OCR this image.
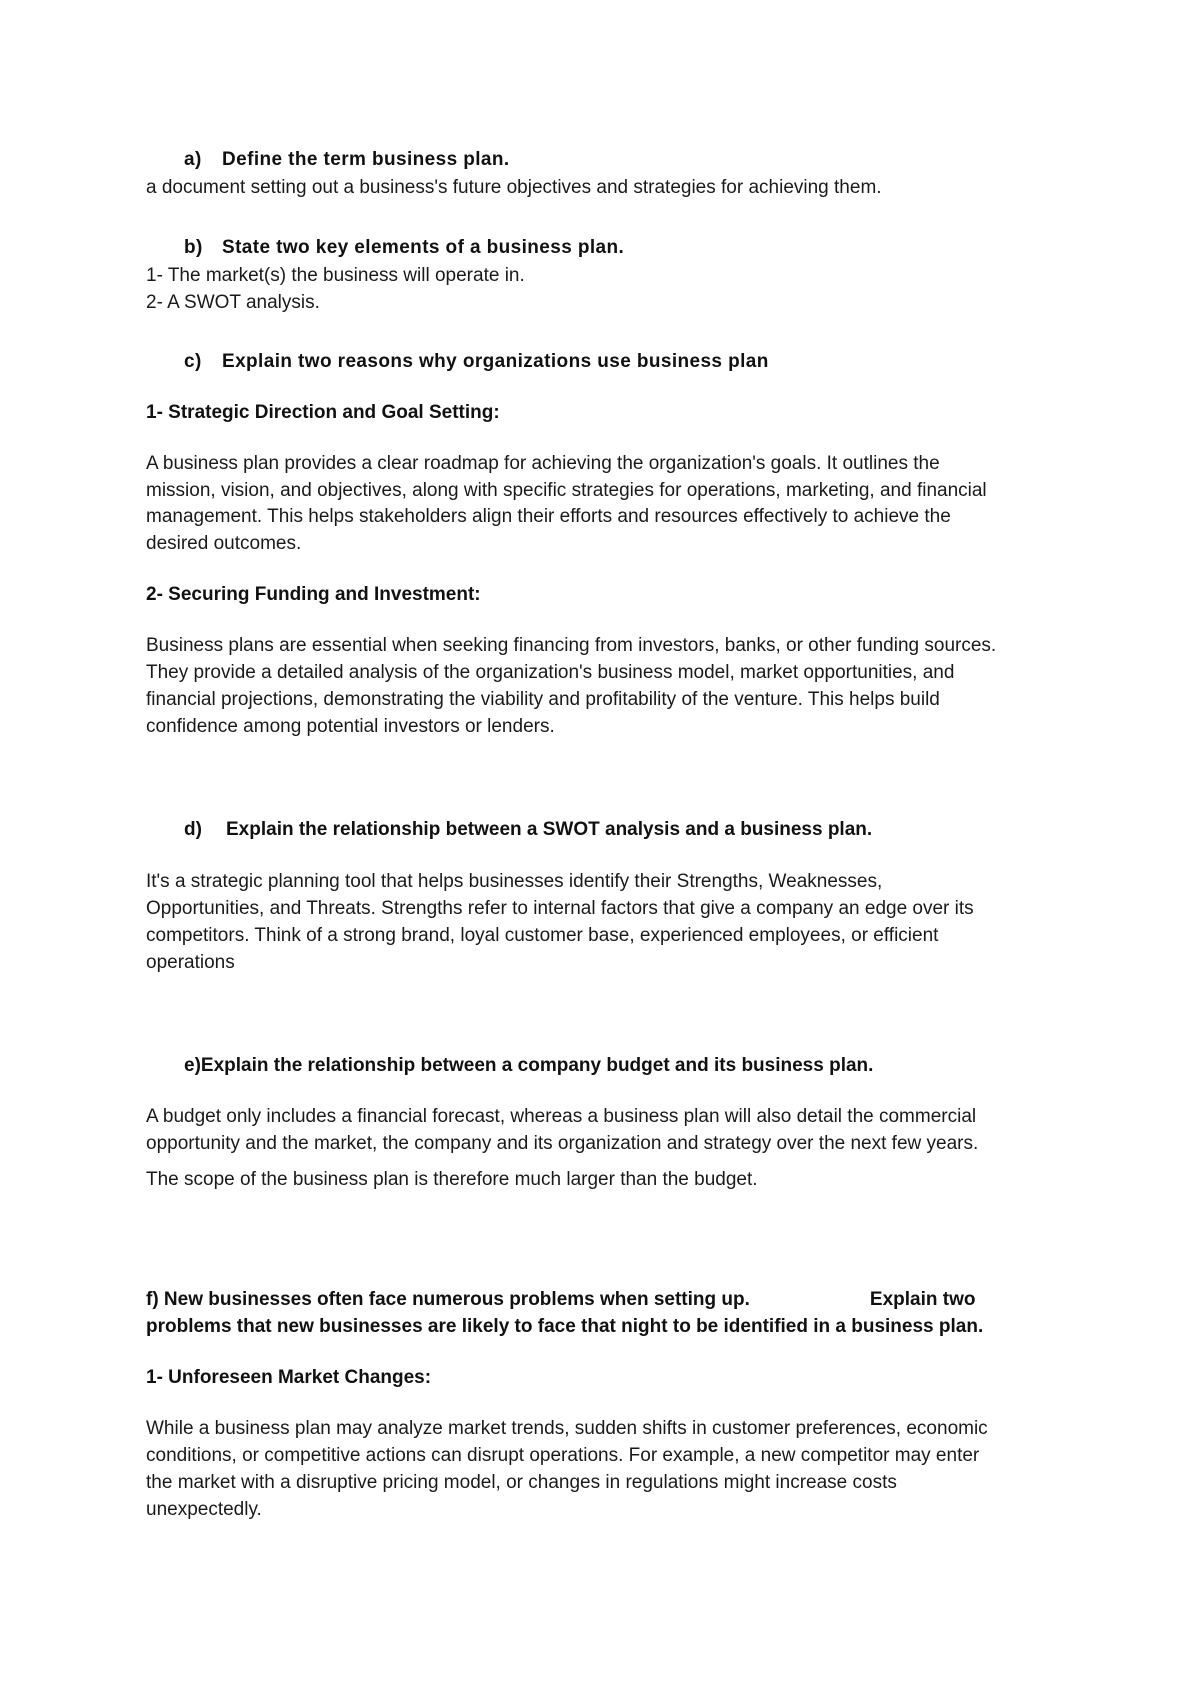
a) Define the term business plan.

a document setting out a business's future objectives and strategies for achieving them.

b) State two key elements of a business plan.

1- The market(s) the business will operate in.

2- A SWOT analysis.

c) Explain two reasons why organizations use business plan

1- Strategic Direction and Goal Setting:

A business plan provides a clear roadmap for achieving the organization's goals. It outlines the

mission, vision, and objectives, along with specific strategies for operations, marketing, and financial

management. This helps stakeholders align their efforts and resources effectively to achieve the

desired outcomes.

2- Securing Funding and Investment:

Business plans are essential when seeking financing from investors, banks, or other funding sources.

They provide a detailed analysis of the organization's business model, market opportunities, and

financial projections, demonstrating the viability and profitability of the venture. This helps build

confidence among potential investors or lenders.

d) Explain the relationship between a SWOT analysis and a business plan.

It's a strategic planning tool that helps businesses identify their Strengths, Weaknesses,

Opportunities, and Threats. Strengths refer to internal factors that give a company an edge over its

competitors. Think of a strong brand, loyal customer base, experienced employees, or efficient

operations

e)Explain the relationship between a company budget and its business plan.

A budget only includes a financial forecast, whereas a business plan will also detail the commercial

opportunity and the market, the company and its organization and strategy over the next few years.

The scope of the business plan is therefore much larger than the budget.

f) New businesses often face numerous problems when setting up.	Explain two

problems that new businesses are likely to face that night to be identified in a business plan.

1- Unforeseen Market Changes:

While a business plan may analyze market trends, sudden shifts in customer preferences, economic

conditions, or competitive actions can disrupt operations. For example, a new competitor may enter

the market with a disruptive pricing model, or changes in regulations might increase costs

unexpectedly.
